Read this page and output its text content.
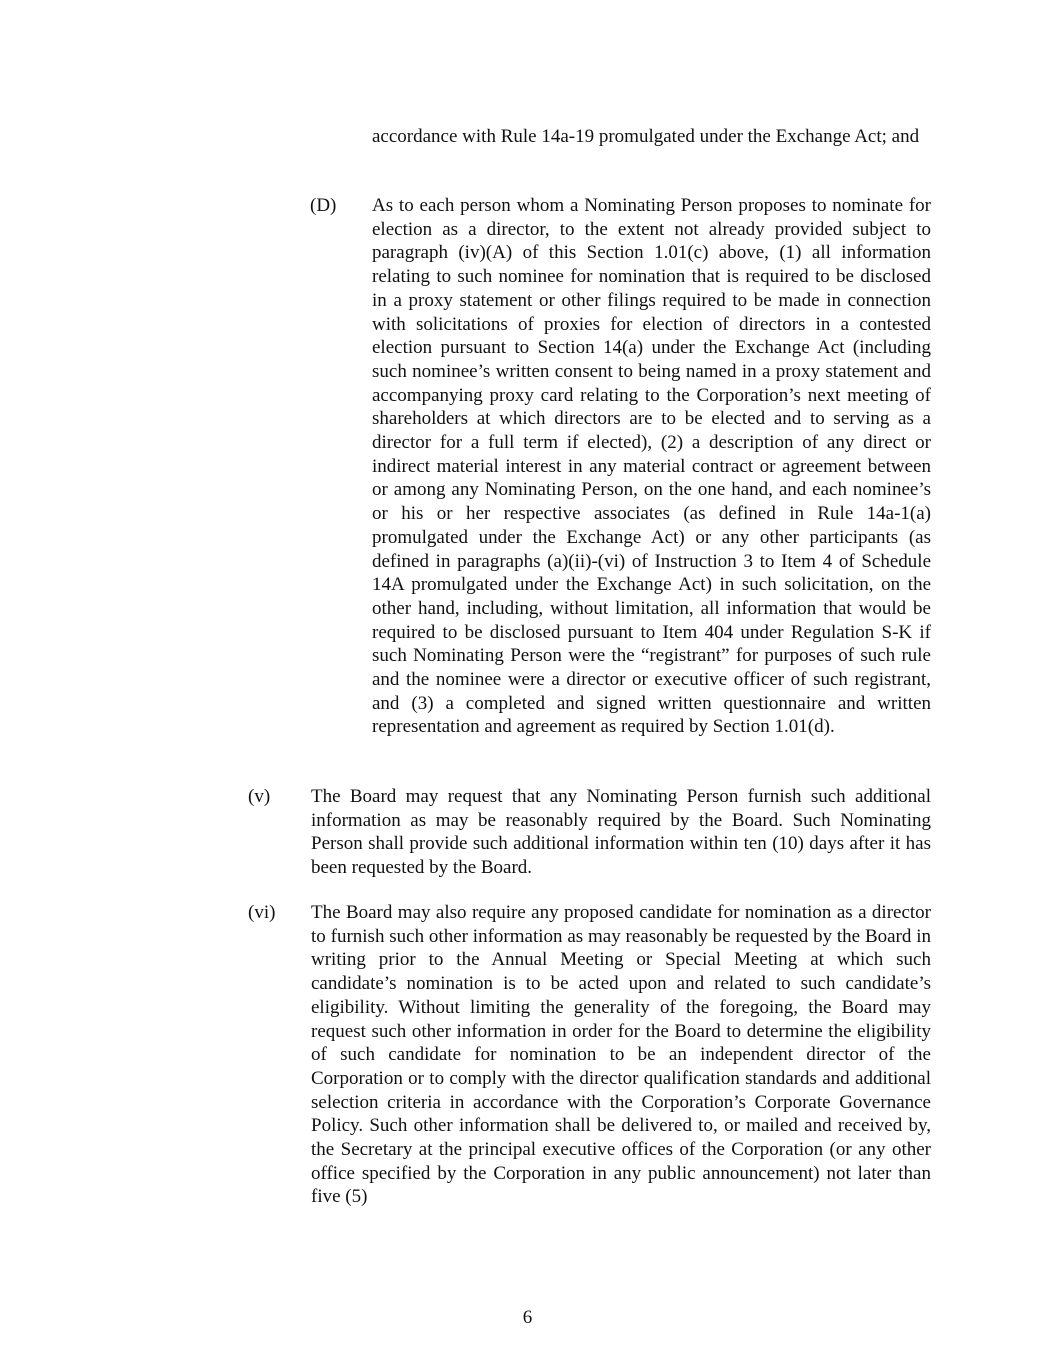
accordance with Rule 14a-19 promulgated under the Exchange Act; and

(D) As to each person whom a Nominating Person proposes to nominate for election as a director, to the extent not already provided subject to paragraph (iv)(A) of this Section 1.01(c) above, (1) all information relating to such nominee for nomination that is required to be disclosed in a proxy statement or other filings required to be made in connection with solicitations of proxies for election of directors in a contested election pursuant to Section 14(a) under the Exchange Act (including such nominee’s written consent to being named in a proxy statement and accompanying proxy card relating to the Corporation’s next meeting of shareholders at which directors are to be elected and to serving as a director for a full term if elected), (2) a description of any direct or indirect material interest in any material contract or agreement between or among any Nominating Person, on the one hand, and each nominee’s or his or her respective associates (as defined in Rule 14a-1(a) promulgated under the Exchange Act) or any other participants (as defined in paragraphs (a)(ii)-(vi) of Instruction 3 to Item 4 of Schedule 14A promulgated under the Exchange Act) in such solicitation, on the other hand, including, without limitation, all information that would be required to be disclosed pursuant to Item 404 under Regulation S-K if such Nominating Person were the “registrant” for purposes of such rule and the nominee were a director or executive officer of such registrant, and (3) a completed and signed written questionnaire and written representation and agreement as required by Section 1.01(d).

(v) The Board may request that any Nominating Person furnish such additional information as may be reasonably required by the Board. Such Nominating Person shall provide such additional information within ten (10) days after it has been requested by the Board.

(vi) The Board may also require any proposed candidate for nomination as a director to furnish such other information as may reasonably be requested by the Board in writing prior to the Annual Meeting or Special Meeting at which such candidate’s nomination is to be acted upon and related to such candidate’s eligibility. Without limiting the generality of the foregoing, the Board may request such other information in order for the Board to determine the eligibility of such candidate for nomination to be an independent director of the Corporation or to comply with the director qualification standards and additional selection criteria in accordance with the Corporation’s Corporate Governance Policy. Such other information shall be delivered to, or mailed and received by, the Secretary at the principal executive offices of the Corporation (or any other office specified by the Corporation in any public announcement) not later than five (5)

6
